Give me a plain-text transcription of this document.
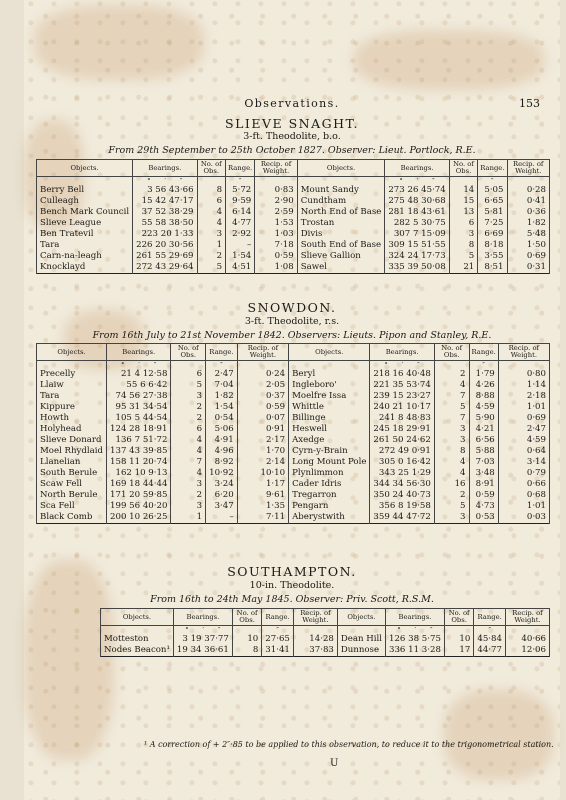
153
Observations.
SLIEVE SNAGHT.
3-ft. Theodolite, b.o.
From 29th September to 25th October 1827. Observer: Lieut. Portlock, R.E.
SNOWDON.
3-ft. Theodolite, r.s.
From 16th July to 21st November 1842. Observers: Lieuts. Pipon and Stanley, R.E.
SOUTHAMPTON.
10-in. Theodolite.
From 16th to 24th May 1845. Observer: Priv. Scott, R.S.M.
Objects.	Bearings.	No. of Obs.	Range.	Recip. of Weight.	Objects.	Bearings.	No. of Obs.	Range.	Recip. of Weight.
	° ′ ″		″			° ′ ″		″	
Berry Bell	3 56 43·66	8	5·72	0·83	Mount Sandy	273 26 45·74	14	5·05	0·28
Culleagh	15 42 47·17	6	9·59	2·90	Cundtham	275 48 30·68	15	6·65	0·41
Bench Mark Council	37 52 38·29	4	6·14	2·59	North End of Base	281 18 43·61	13	5·81	0·36
Slieve League	55 58 38·50	4	4·77	1·53	Trostan	282 5 30·75	6	7·25	1·82
Ben Tratevil	223 20 1·33	3	2·92	1·03	Divis	307 7 15·09	3	6·69	5·48
Tara	226 20 30·56	1	–	7·18	South End of Base	309 15 51·55	8	8·18	1·50
Carn-na-leagh	261 55 29·69	2	1·54	0·59	Slieve Gallion	324 24 17·73	5	3·55	0·69
Knocklayd	272 43 29·64	5	4·51	1·08	Sawel	335 39 50·08	21	8·51	0·31
Objects.	Bearings.	No. of Obs.	Range.	Recip. of Weight.	Objects.	Bearings.	No. of Obs.	Range.	Recip. of Weight.
	° ′ ″		″			° ′ ″		″	
Precelly	21 4 12·58	6	2·47	0·24	Beryl	218 16 40·48	2	1·79	0·80
Llaiw	55 6 6·42	5	7·04	2·05	Ingleboro'	221 35 53·74	4	4·26	1·14
Tara	74 56 27·38	3	1·82	0·37	Moelfre Issa	239 15 23·27	7	8·88	2·18
Kippure	95 31 34·54	2	1·54	0·59	Whittle	240 21 10·17	5	4·59	1·01
Howth	105 5 44·54	2	0·54	0·07	Billinge	241 8 48·83	7	5·90	0·69
Holyhead	124 28 18·91	6	5·06	0·91	Heswell	245 18 29·91	3	4·21	2·47
Slieve Donard	136 7 51·72	4	4·91	2·17	Axedge	261 50 24·62	3	6·56	4·59
Moel Rhydlaid	137 43 39·85	4	4·96	1·70	Cyrn-y-Brain	272 49 0·91	8	5·88	0·64
Llanelian	158 11 20·74	7	8·92	2·14	Long Mount Pole	305 0 16·42	4	7·03	3·14
South Berule	162 10 9·13	4	10·92	10·10	Plynlimmon	343 25 1·29	4	3·48	0·79
Scaw Fell	169 18 44·44	3	3·24	1·17	Cader Idris	344 34 56·30	16	8·91	0·66
North Berule	171 20 59·85	2	6·20	9·61	Tregarron	350 24 40·73	2	0·59	0·68
Sca Fell	199 56 40·20	3	3·47	1·35	Pengarn	356 8 19·58	5	4·73	1·01
Black Comb	200 10 26·25	1	–	7·11	Aberystwith	359 44 47·72	3	0·53	0·03
Objects.	Bearings.	No. of Obs.	Range.	Recip. of Weight.	Objects.	Bearings.	No. of Obs.	Range.	Recip. of Weight.
	° ′ ″		″			° ′ ″		″	
Motteston	3 19 37·77	10	27·65	14·28	Dean Hill	126 38 5·75	10	45·84	40·66
Nodes Beacon¹	19 34 36·61	8	31·41	37·83	Dunnose	336 11 3·28	17	44·77	12·06
¹ A correction of + 2″·85 to be applied to this observation, to reduce it to the trigonometrical station.
U
